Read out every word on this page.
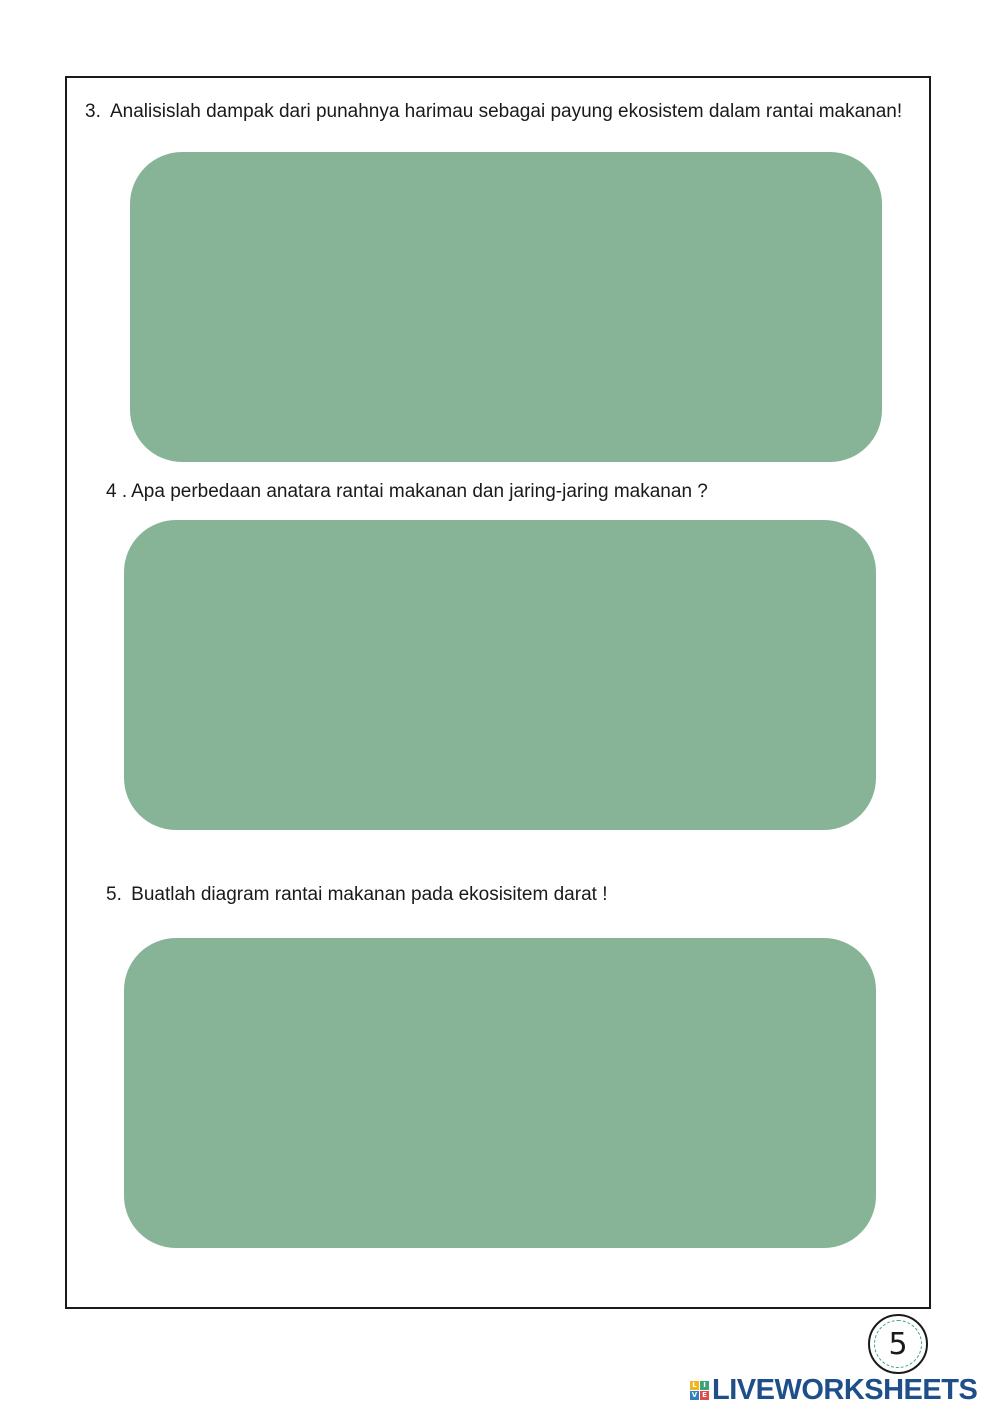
3. Analisislah dampak dari punahnya harimau sebagai payung ekosistem dalam rantai makanan!
4 . Apa perbedaan anatara rantai makanan dan jaring-jaring makanan ?
5. Buatlah diagram rantai makanan pada ekosisitem darat !
5
L I
V E LIVEWORKSHEETS
